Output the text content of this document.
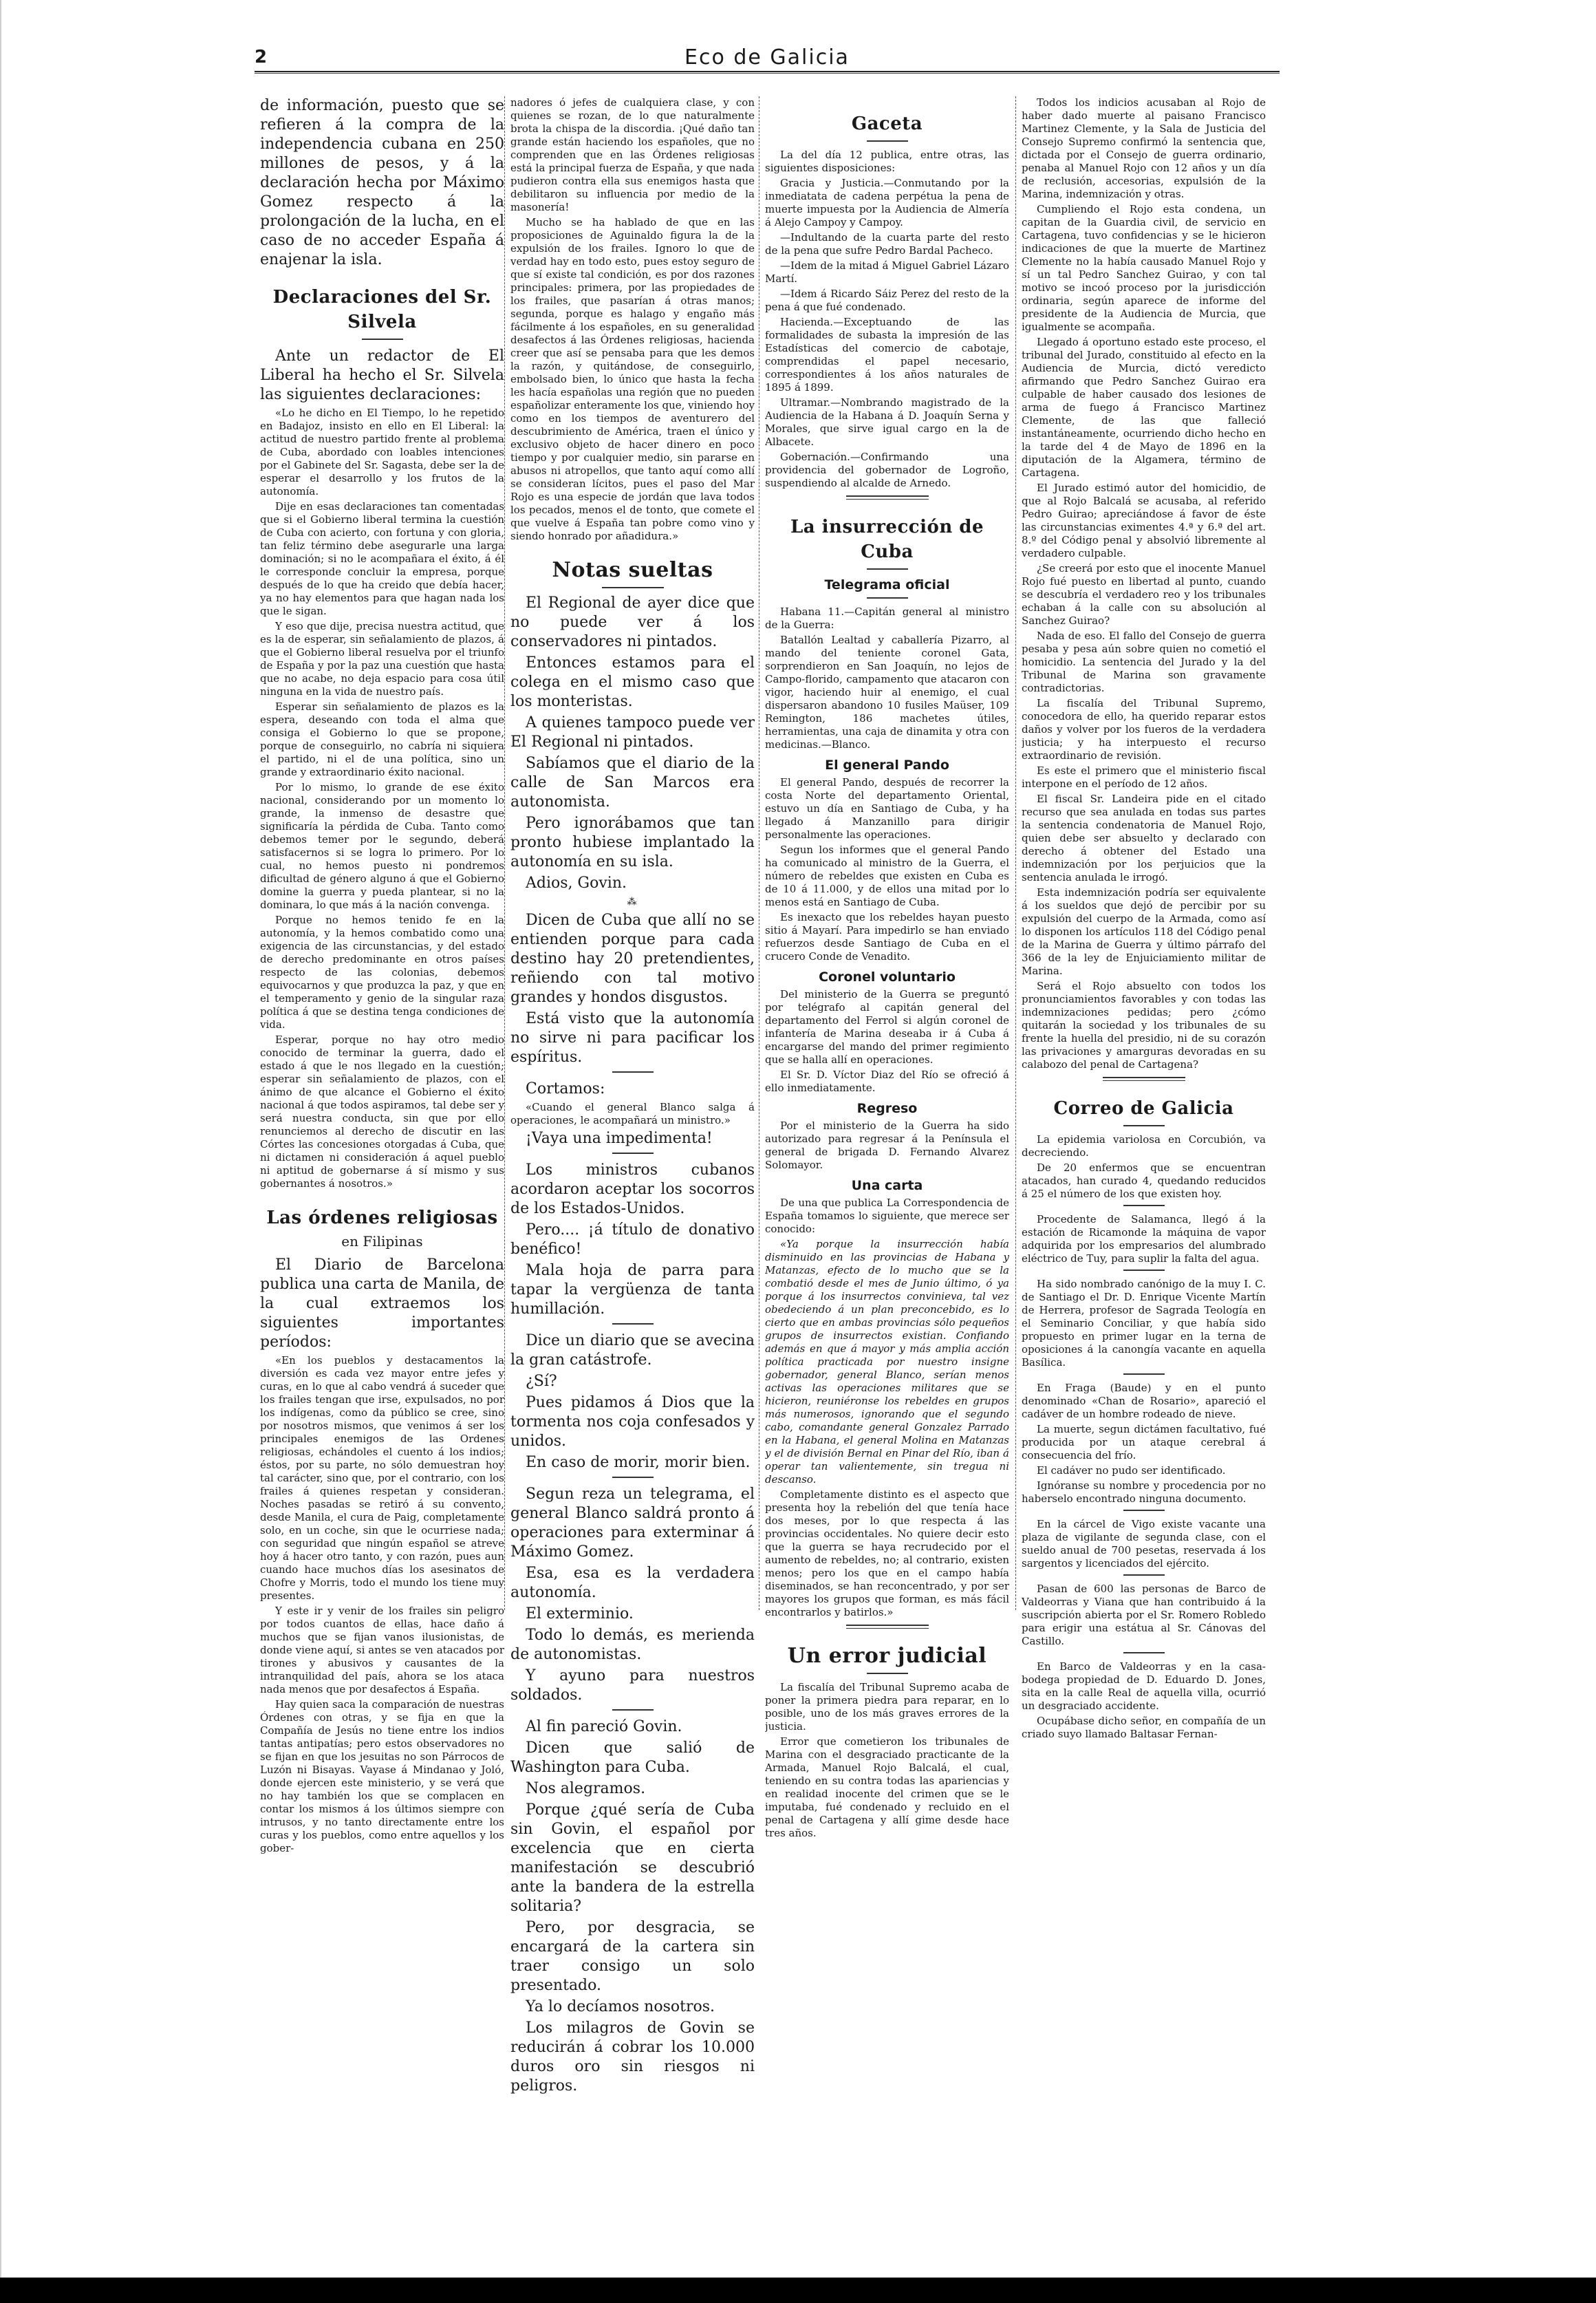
2	Eco de Galicia

de información, puesto que se refieren á la compra de la independencia cubana en 250 millones de pesos, y á la declaración hecha por Máximo Gomez respecto á la prolongación de la lucha, en el caso de no acceder España á enajenar la isla.

Declaraciones del Sr. Silvela

Ante un redactor de El Liberal ha hecho el Sr. Silvela las siguientes declaraciones:

«Lo he dicho en El Tiempo, lo he repetido en Badajoz, insisto en ello en El Liberal: la actitud de nuestro partido frente al problema de Cuba, abordado con loables intenciones por el Gabinete del Sr. Sagasta, debe ser la de esperar el desarrollo y los frutos de la autonomía.

Dije en esas declaraciones tan comentadas que si el Gobierno liberal termina la cuestión de Cuba con acierto, con fortuna y con gloria, tan feliz término debe asegurarle una larga dominación; si no le acompañara el éxito, á él le corresponde concluir la empresa, porque después de lo que ha creido que debía hacer, ya no hay elementos para que hagan nada los que le sigan.

Y eso que dije, precisa nuestra actitud, que es la de esperar, sin señalamiento de plazos, á que el Gobierno liberal resuelva por el triunfo de España y por la paz una cuestión que hasta que no acabe, no deja espacio para cosa útil ninguna en la vida de nuestro país.

Esperar sin señalamiento de plazos es la espera, deseando con toda el alma que consiga el Gobierno lo que se propone, porque de conseguirlo, no cabría ni siquiera el partido, ni el de una política, sino un grande y extraordinario éxito nacional.

Por lo mismo, lo grande de ese éxito nacional, considerando por un momento lo grande, la inmenso de desastre que significaría la pérdida de Cuba. Tanto como debemos temer por le segundo, deberá satisfacernos si se logra lo primero. Por lo cual, no hemos puesto ni pondremos dificultad de género alguno á que el Gobierno domine la guerra y pueda plantear, si no la dominara, lo que más á la nación convenga.

Porque no hemos tenido fe en la autonomía, y la hemos combatido como una exigencia de las circunstancias, y del estado de derecho predominante en otros países respecto de las colonias, debemos equivocarnos y que produzca la paz, y que en el temperamento y genio de la singular raza política á que se destina tenga condiciones de vida.

Esperar, porque no hay otro medio conocido de terminar la guerra, dado el estado á que le nos llegado en la cuestión; esperar sin señalamiento de plazos, con el ánimo de que alcance el Gobierno el éxito nacional á que todos aspiramos, tal debe ser y será nuestra conducta, sin que por ello renunciemos al derecho de discutir en las Córtes las concesiones otorgadas á Cuba, que ni dictamen ni consideración á aquel pueblo ni aptitud de gobernarse á sí mismo y sus gobernantes á nosotros.»

Las órdenes religiosas
en Filipinas

El Diario de Barcelona publica una carta de Manila, de la cual extraemos los siguientes importantes períodos:

«En los pueblos y destacamentos la diversión es cada vez mayor entre jefes y curas, en lo que al cabo vendrá á suceder que los frailes tengan que irse, expulsados, no por los indígenas, como da público se cree, sino por nosotros mismos, que venimos á ser los principales enemigos de las Ordenes religiosas, echándoles el cuento á los indios; éstos, por su parte, no sólo demuestran hoy tal carácter, sino que, por el contrario, con los frailes á quienes respetan y consideran. Noches pasadas se retiró á su convento, desde Manila, el cura de Paig, completamente solo, en un coche, sin que le ocurriese nada; con seguridad que ningún español se atreve hoy á hacer otro tanto, y con razón, pues aun cuando hace muchos días los asesinatos de Chofre y Morris, todo el mundo los tiene muy presentes.

Y este ir y venir de los frailes sin peligro por todos cuantos de ellas, hace daño á muchos que se fijan vanos ilusionistas, de donde viene aquí, si antes se ven atacados por tirones y abusivos y causantes de la intranquilidad del país, ahora se los ataca nada menos que por desafectos á España.

Hay quien saca la comparación de nuestras Órdenes con otras, y se fija en que la Compañía de Jesús no tiene entre los indios tantas antipatías; pero estos observadores no se fijan en que los jesuitas no son Párrocos de Luzón ni Bisayas. Vayase á Mindanao y Joló, donde ejercen este ministerio, y se verá que no hay también los que se complacen en contar los mismos á los últimos siempre con intrusos, y no tanto directamente entre los curas y los pueblos, como entre aquellos y los gober-

nadores ó jefes de cualquiera clase, y con quienes se rozan, de lo que naturalmente brota la chispa de la discordia. ¡Qué daño tan grande están haciendo los españoles, que no comprenden que en las Órdenes religiosas está la principal fuerza de España, y que nada pudieron contra ella sus enemigos hasta que debilitaron su influencia por medio de la masonería!

Mucho se ha hablado de que en las proposiciones de Aguinaldo figura la de la expulsión de los frailes. Ignoro lo que de verdad hay en todo esto, pues estoy seguro de que sí existe tal condición, es por dos razones principales: primera, por las propiedades de los frailes, que pasarían á otras manos; segunda, porque es halago y engaño más fácilmente á los españoles, en su generalidad desafectos á las Órdenes religiosas, hacienda creer que así se pensaba para que les demos la razón, y quitándose, de conseguirlo, embolsado bien, lo único que hasta la fecha les hacía españolas una región que no pueden españolizar enteramente los que, viniendo hoy como en los tiempos de aventurero del descubrimiento de América, traen el único y exclusivo objeto de hacer dinero en poco tiempo y por cualquier medio, sin pararse en abusos ni atropellos, que tanto aquí como allí se consideran lícitos, pues el paso del Mar Rojo es una especie de jordán que lava todos los pecados, menos el de tonto, que comete el que vuelve á España tan pobre como vino y siendo honrado por añadidura.»

Notas sueltas

El Regional de ayer dice que no puede ver á los conservadores ni pintados.

Entonces estamos para el colega en el mismo caso que los monteristas.

A quienes tampoco puede ver El Regional ni pintados.

Sabíamos que el diario de la calle de San Marcos era autonomista.

Pero ignorábamos que tan pronto hubiese implantado la autonomía en su isla.

Adios, Govin.

⁂

Dicen de Cuba que allí no se entienden porque para cada destino hay 20 pretendientes, reñiendo con tal motivo grandes y hondos disgustos.

Está visto que la autonomía no sirve ni para pacificar los espíritus.

Cortamos:

«Cuando el general Blanco salga á operaciones, le acompañará un ministro.»

¡Vaya una impedimenta!

Los ministros cubanos acordaron aceptar los socorros de los Estados-Unidos.

Pero.... ¡á título de donativo benéfico!

Mala hoja de parra para tapar la vergüenza de tanta humillación.

Dice un diario que se avecina la gran catástrofe.

¿Sí?

Pues pidamos á Dios que la tormenta nos coja confesados y unidos.

En caso de morir, morir bien.

Segun reza un telegrama, el general Blanco saldrá pronto á operaciones para exterminar á Máximo Gomez.

Esa, esa es la verdadera autonomía.

El exterminio.

Todo lo demás, es merienda de autonomistas.

Y ayuno para nuestros soldados.

Al fin pareció Govin.

Dicen que salió de Washington para Cuba.

Nos alegramos.

Porque ¿qué sería de Cuba sin Govin, el español por excelencia que en cierta manifestación se descubrió ante la bandera de la estrella solitaria?

Pero, por desgracia, se encargará de la cartera sin traer consigo un solo presentado.

Ya lo decíamos nosotros.

Los milagros de Govin se reducirán á cobrar los 10.000 duros oro sin riesgos ni peligros.

Gaceta

La del día 12 publica, entre otras, las siguientes disposiciones:

Gracia y Justicia.—Conmutando por la inmediatata de cadena perpétua la pena de muerte impuesta por la Audiencia de Almería á Alejo Campoy y Campoy.

—Indultando de la cuarta parte del resto de la pena que sufre Pedro Bardal Pacheco.

—Idem de la mitad á Miguel Gabriel Lázaro Martí.

—Idem á Ricardo Sáiz Perez del resto de la pena á que fué condenado.

Hacienda.—Exceptuando de las formalidades de subasta la impresión de las Estadísticas del comercio de cabotaje, comprendidas el papel necesario, correspondientes á los años naturales de 1895 á 1899.

Ultramar.—Nombrando magistrado de la Audiencia de la Habana á D. Joaquín Serna y Morales, que sirve igual cargo en la de Albacete.

Gobernación.—Confirmando una providencia del gobernador de Logroño, suspendiendo al alcalde de Arnedo.

La insurrección de Cuba
Telegrama oficial

Habana 11.—Capitán general al ministro de la Guerra:

Batallón Lealtad y caballería Pizarro, al mando del teniente coronel Gata, sorprendieron en San Joaquín, no lejos de Campo-florido, campamento que atacaron con vigor, haciendo huir al enemigo, el cual dispersaron abandono 10 fusiles Maüser, 109 Remington, 186 machetes útiles, herramientas, una caja de dinamita y otra con medicinas.—Blanco.

El general Pando

El general Pando, después de recorrer la costa Norte del departamento Oriental, estuvo un día en Santiago de Cuba, y ha llegado á Manzanillo para dirigir personalmente las operaciones.

Segun los informes que el general Pando ha comunicado al ministro de la Guerra, el número de rebeldes que existen en Cuba es de 10 á 11.000, y de ellos una mitad por lo menos está en Santiago de Cuba.

Es inexacto que los rebeldes hayan puesto sitio á Mayarí. Para impedirlo se han enviado refuerzos desde Santiago de Cuba en el crucero Conde de Venadito.

Coronel voluntario

Del ministerio de la Guerra se preguntó por telégrafo al capitán general del departamento del Ferrol si algún coronel de infantería de Marina deseaba ir á Cuba á encargarse del mando del primer regimiento que se halla allí en operaciones.

El Sr. D. Víctor Diaz del Río se ofreció á ello inmediatamente.

Regreso

Por el ministerio de la Guerra ha sido autorizado para regresar á la Península el general de brigada D. Fernando Alvarez Solomayor.

Una carta

De una que publica La Correspondencia de España tomamos lo siguiente, que merece ser conocido:

«Ya porque la insurrección había disminuido en las provincias de Habana y Matanzas, efecto de lo mucho que se la combatió desde el mes de Junio último, ó ya porque á los insurrectos convinieva, tal vez obedeciendo á un plan preconcebido, es lo cierto que en ambas provincias sólo pequeños grupos de insurrectos existian. Confiando además en que á mayor y más amplia acción política practicada por nuestro insigne gobernador, general Blanco, serían menos activas las operaciones militares que se hicieron, reuniéronse los rebeldes en grupos más numerosos, ignorando que el segundo cabo, comandante general Gonzalez Parrado en la Habana, el general Molina en Matanzas y el de división Bernal en Pinar del Río, iban á operar tan valientemente, sin tregua ni descanso.

Completamente distinto es el aspecto que presenta hoy la rebelión del que tenía hace dos meses, por lo que respecta á las provincias occidentales. No quiere decir esto que la guerra se haya recrudecido por el aumento de rebeldes, no; al contrario, existen menos; pero los que en el campo había diseminados, se han reconcentrado, y por ser mayores los grupos que forman, es más fácil encontrarlos y batirlos.»

Un error judicial

La fiscalía del Tribunal Supremo acaba de poner la primera piedra para reparar, en lo posible, uno de los más graves errores de la justicia.

Error que cometieron los tribunales de Marina con el desgraciado practicante de la Armada, Manuel Rojo Balcalá, el cual, teniendo en su contra todas las apariencias y en realidad inocente del crimen que se le imputaba, fué condenado y recluido en el penal de Cartagena y allí gime desde hace tres años.

Todos los indicios acusaban al Rojo de haber dado muerte al paisano Francisco Martinez Clemente, y la Sala de Justicia del Consejo Supremo confirmó la sentencia que, dictada por el Consejo de guerra ordinario, penaba al Manuel Rojo con 12 años y un día de reclusión, accesorias, expulsión de la Marina, indemnización y otras.

Cumpliendo el Rojo esta condena, un capitan de la Guardia civil, de servicio en Cartagena, tuvo confidencias y se le hicieron indicaciones de que la muerte de Martinez Clemente no la había causado Manuel Rojo y sí un tal Pedro Sanchez Guirao, y con tal motivo se incoó proceso por la jurisdicción ordinaria, según aparece de informe del presidente de la Audiencia de Murcia, que igualmente se acompaña.

Llegado á oportuno estado este proceso, el tribunal del Jurado, constituido al efecto en la Audiencia de Murcia, dictó veredicto afirmando que Pedro Sanchez Guirao era culpable de haber causado dos lesiones de arma de fuego á Francisco Martinez Clemente, de las que falleció instantáneamente, ocurriendo dicho hecho en la tarde del 4 de Mayo de 1896 en la diputación de la Algamera, término de Cartagena.

El Jurado estimó autor del homicidio, de que al Rojo Balcalá se acusaba, al referido Pedro Guirao; apreciándose á favor de éste las circunstancias eximentes 4.ª y 6.ª del art. 8.º del Código penal y absolvió libremente al verdadero culpable.

¿Se creerá por esto que el inocente Manuel Rojo fué puesto en libertad al punto, cuando se descubría el verdadero reo y los tribunales echaban á la calle con su absolución al Sanchez Guirao?

Nada de eso. El fallo del Consejo de guerra pesaba y pesa aún sobre quien no cometió el homicidio. La sentencia del Jurado y la del Tribunal de Marina son gravamente contradictorias.

La fiscalía del Tribunal Supremo, conocedora de ello, ha querido reparar estos daños y volver por los fueros de la verdadera justicia; y ha interpuesto el recurso extraordinario de revisión.

Es este el primero que el ministerio fiscal interpone en el período de 12 años.

El fiscal Sr. Landeira pide en el citado recurso que sea anulada en todas sus partes la sentencia condenatoria de Manuel Rojo, quien debe ser absuelto y declarado con derecho á obtener del Estado una indemnización por los perjuicios que la sentencia anulada le irrogó.

Esta indemnización podría ser equivalente á los sueldos que dejó de percibir por su expulsión del cuerpo de la Armada, como así lo disponen los artículos 118 del Código penal de la Marina de Guerra y último párrafo del 366 de la ley de Enjuiciamiento militar de Marina.

Será el Rojo absuelto con todos los pronunciamientos favorables y con todas las indemnizaciones pedidas; pero ¿cómo quitarán la sociedad y los tribunales de su frente la huella del presidio, ni de su corazón las privaciones y amarguras devoradas en su calabozo del penal de Cartagena?

Correo de Galicia

La epidemia variolosa en Corcubión, va decreciendo.

De 20 enfermos que se encuentran atacados, han curado 4, quedando reducidos á 25 el número de los que existen hoy.

Procedente de Salamanca, llegó á la estación de Ricamonde la máquina de vapor adquirida por los empresarios del alumbrado eléctrico de Tuy, para suplir la falta del agua.

Ha sido nombrado canónigo de la muy I. C. de Santiago el Dr. D. Enrique Vicente Martín de Herrera, profesor de Sagrada Teología en el Seminario Conciliar, y que había sido propuesto en primer lugar en la terna de oposiciones á la canongía vacante en aquella Basílica.

En Fraga (Baude) y en el punto denominado «Chan de Rosario», apareció el cadáver de un hombre rodeado de nieve.

La muerte, segun dictámen facultativo, fué producida por un ataque cerebral á consecuencia del frío.

El cadáver no pudo ser identificado.

Ignóranse su nombre y procedencia por no haberselo encontrado ninguna documento.

En la cárcel de Vigo existe vacante una plaza de vigilante de segunda clase, con el sueldo anual de 700 pesetas, reservada á los sargentos y licenciados del ejército.

Pasan de 600 las personas de Barco de Valdeorras y Viana que han contribuido á la suscripción abierta por el Sr. Romero Robledo para erigir una estátua al Sr. Cánovas del Castillo.

En Barco de Valdeorras y en la casa-bodega propiedad de D. Eduardo D. Jones, sita en la calle Real de aquella villa, ocurrió un desgraciado accidente.

Ocupábase dicho señor, en compañía de un criado suyo llamado Baltasar Fernan-
